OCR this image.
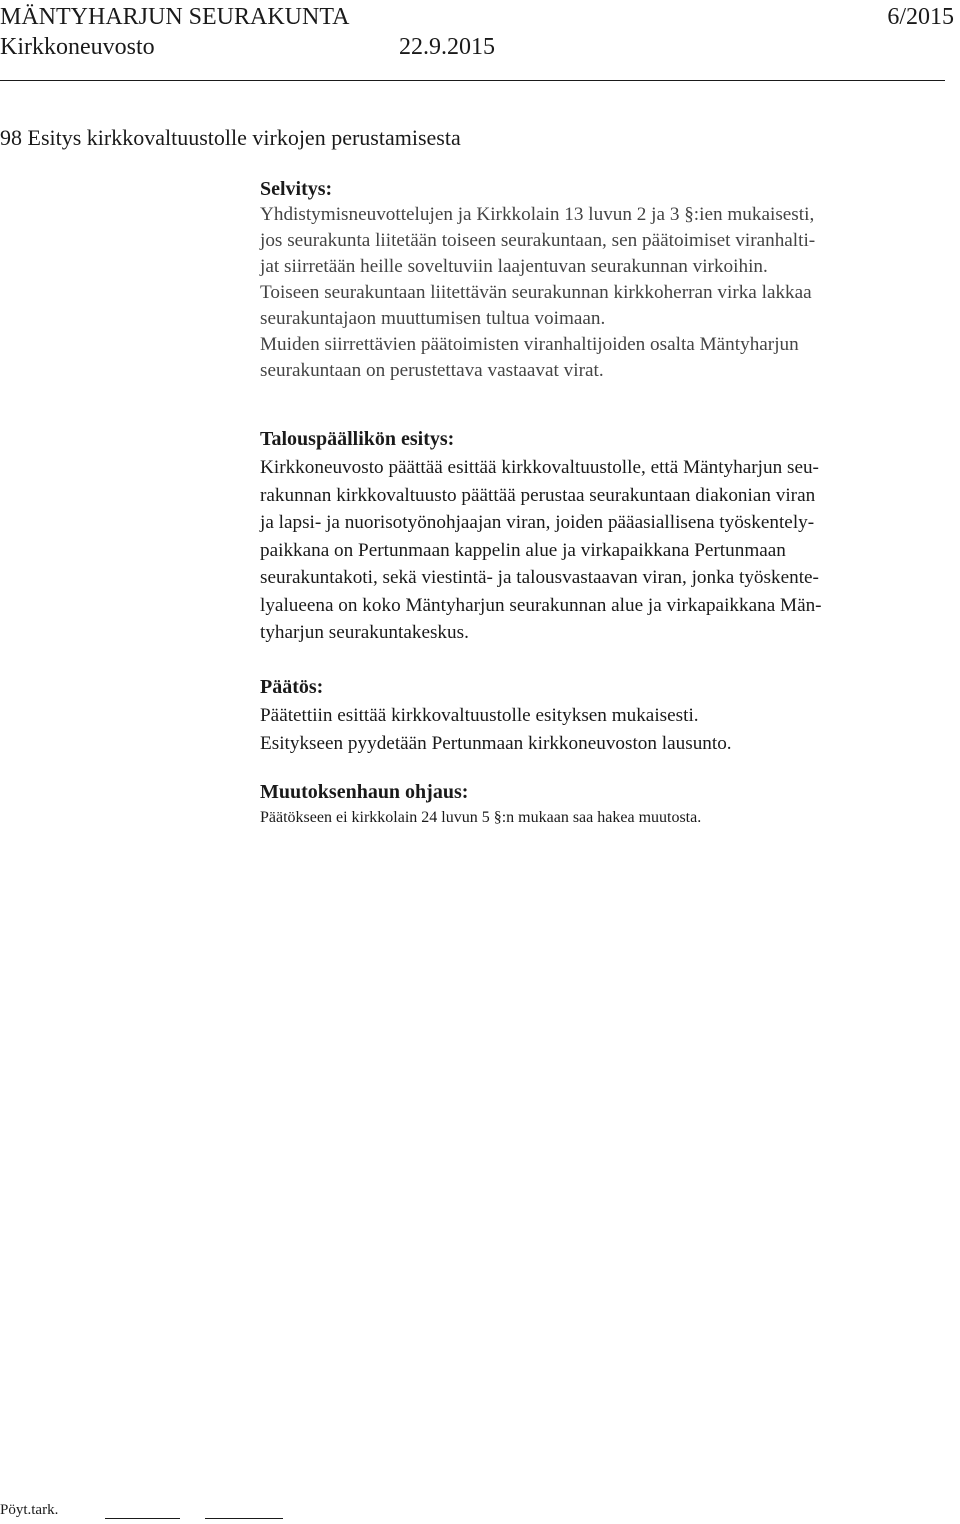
MÄNTYHARJUN SEURAKUNTA	6/2015
Kirkkoneuvosto	22.9.2015
98 Esitys kirkkovaltuustolle virkojen perustamisesta

Selvitys:

Yhdistymisneuvottelujen ja Kirkkolain 13 luvun 2 ja 3 §:ien mukaisesti,
jos seurakunta liitetään toiseen seurakuntaan, sen päätoimiset viranhalti-
jat siirretään heille soveltuviin laajentuvan seurakunnan virkoihin.
Toiseen seurakuntaan liitettävän seurakunnan kirkkoherran virka lakkaa
seurakuntajaon muuttumisen tultua voimaan.
Muiden siirrettävien päätoimisten viranhaltijoiden osalta Mäntyharjun
seurakuntaan on perustettava vastaavat virat.

Talouspäällikön esitys:

Kirkkoneuvosto päättää esittää kirkkovaltuustolle, että Mäntyharjun seu-
rakunnan kirkkovaltuusto päättää perustaa seurakuntaan diakonian viran
ja lapsi- ja nuorisotyönohjaajan viran, joiden pääasiallisena työskentely-
paikkana on Pertunmaan kappelin alue ja virkapaikkana Pertunmaan
seurakuntakoti, sekä viestintä- ja talousvastaavan viran, jonka työskente-
lyalueena on koko Mäntyharjun seurakunnan alue ja virkapaikkana Män-
tyharjun seurakuntakeskus.

Päätös:

Päätettiin esittää kirkkovaltuustolle esityksen mukaisesti.
Esitykseen pyydetään Pertunmaan kirkkoneuvoston lausunto.

Muutoksenhaun ohjaus:

Päätökseen ei kirkkolain 24 luvun 5 §:n mukaan saa hakea muutosta.

Pöyt.tark.
